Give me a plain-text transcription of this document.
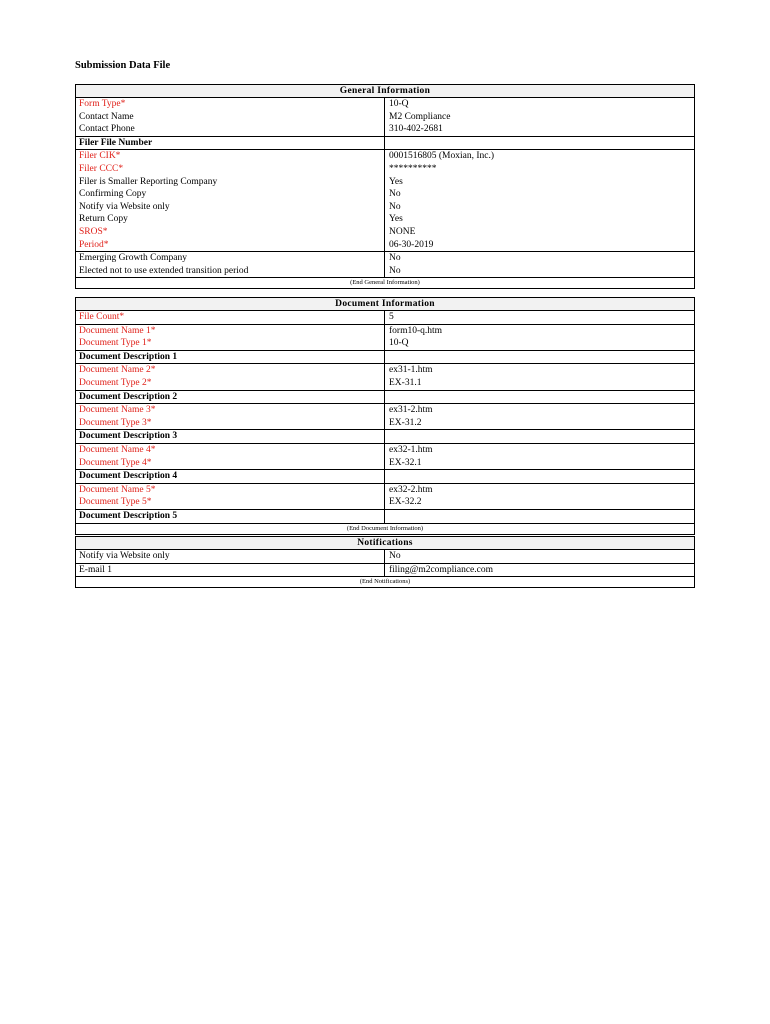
Submission Data File
General Information
Form Type*	10-Q
Contact Name	M2 Compliance
Contact Phone	310-402-2681
Filer File Number
Filer CIK*	0001516805 (Moxian, Inc.)
Filer CCC*	**********
Filer is Smaller Reporting Company	Yes
Confirming Copy	No
Notify via Website only	No
Return Copy	Yes
SROS*	NONE
Period*	06-30-2019
Emerging Growth Company	No
Elected not to use extended transition period	No
(End General Information)
Document Information
File Count*	5
Document Name 1*	form10-q.htm
Document Type 1*	10-Q
Document Description 1
Document Name 2*	ex31-1.htm
Document Type 2*	EX-31.1
Document Description 2
Document Name 3*	ex31-2.htm
Document Type 3*	EX-31.2
Document Description 3
Document Name 4*	ex32-1.htm
Document Type 4*	EX-32.1
Document Description 4
Document Name 5*	ex32-2.htm
Document Type 5*	EX-32.2
Document Description 5
(End Document Information)
Notifications
Notify via Website only	No
E-mail 1	filing@m2compliance.com
(End Notifications)
